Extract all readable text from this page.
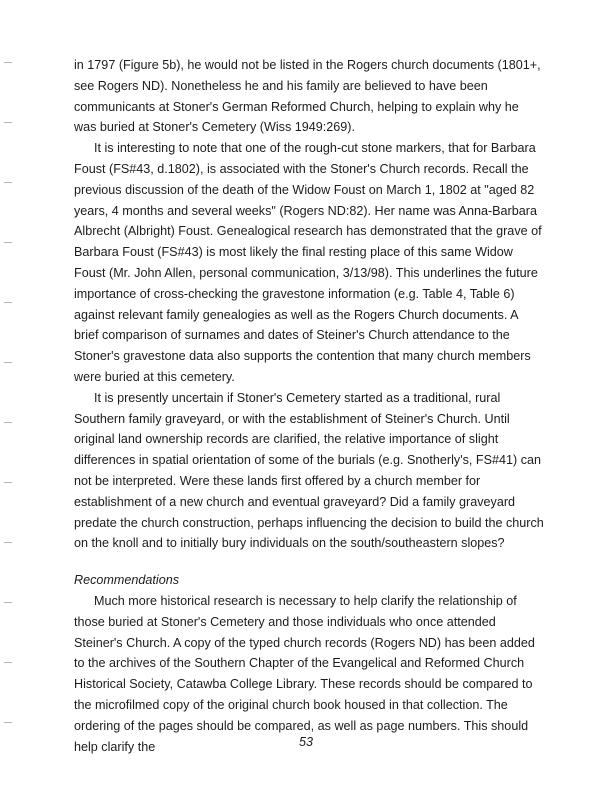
in 1797 (Figure 5b), he would not be listed in the Rogers church documents (1801+, see Rogers ND). Nonetheless he and his family are believed to have been communicants at Stoner's German Reformed Church, helping to explain why he was buried at Stoner's Cemetery (Wiss 1949:269).

It is interesting to note that one of the rough-cut stone markers, that for Barbara Foust (FS#43, d.1802), is associated with the Stoner's Church records. Recall the previous discussion of the death of the Widow Foust on March 1, 1802 at "aged 82 years, 4 months and several weeks" (Rogers ND:82). Her name was Anna-Barbara Albrecht (Albright) Foust. Genealogical research has demonstrated that the grave of Barbara Foust (FS#43) is most likely the final resting place of this same Widow Foust (Mr. John Allen, personal communication, 3/13/98). This underlines the future importance of cross-checking the gravestone information (e.g. Table 4, Table 6) against relevant family genealogies as well as the Rogers Church documents. A brief comparison of surnames and dates of Steiner's Church attendance to the Stoner's gravestone data also supports the contention that many church members were buried at this cemetery.

It is presently uncertain if Stoner's Cemetery started as a traditional, rural Southern family graveyard, or with the establishment of Steiner's Church. Until original land ownership records are clarified, the relative importance of slight differences in spatial orientation of some of the burials (e.g. Snotherly's, FS#41) can not be interpreted. Were these lands first offered by a church member for establishment of a new church and eventual graveyard? Did a family graveyard predate the church construction, perhaps influencing the decision to build the church on the knoll and to initially bury individuals on the south/southeastern slopes?

Recommendations

Much more historical research is necessary to help clarify the relationship of those buried at Stoner's Cemetery and those individuals who once attended Steiner's Church. A copy of the typed church records (Rogers ND) has been added to the archives of the Southern Chapter of the Evangelical and Reformed Church Historical Society, Catawba College Library. These records should be compared to the microfilmed copy of the original church book housed in that collection. The ordering of the pages should be compared, as well as page numbers. This should help clarify the	53
